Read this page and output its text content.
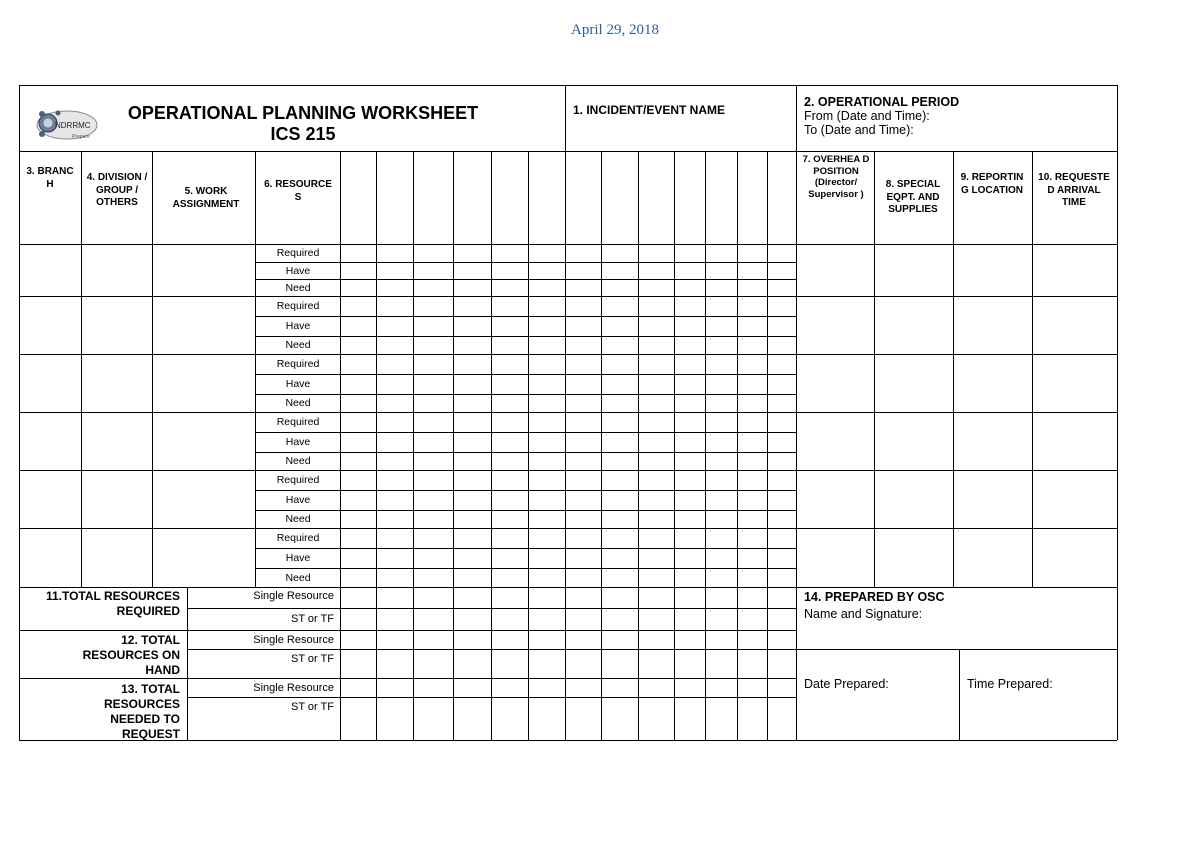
April 29, 2018
NDRRMC
Prepare
OPERATIONAL PLANNING WORKSHEET
ICS 215
1. INCIDENT/EVENT NAME
2. OPERATIONAL PERIOD
From (Date and Time):
To (Date and Time):
3. BRANC H
4. DIVISION / GROUP / OTHERS
5. WORK ASSIGNMENT
6. RESOURCE S
7. OVERHEA D POSITION (Director/ Supervisor )
8. SPECIAL EQPT. AND SUPPLIES
9. REPORTIN G LOCATION
10. REQUESTE D ARRIVAL TIME
Required
Have
Need
Required
Have
Need
Required
Have
Need
Required
Have
Need
Required
Have
Need
Required
Have
Need
11.TOTAL RESOURCES
REQUIRED
12. TOTAL
RESOURCES ON
HAND
13. TOTAL
RESOURCES
NEEDED TO
REQUEST
Single Resource
ST or TF
Single Resource
ST or TF
Single Resource
ST or TF
14. PREPARED BY OSC
Name and Signature:
Date Prepared:	Time Prepared:
